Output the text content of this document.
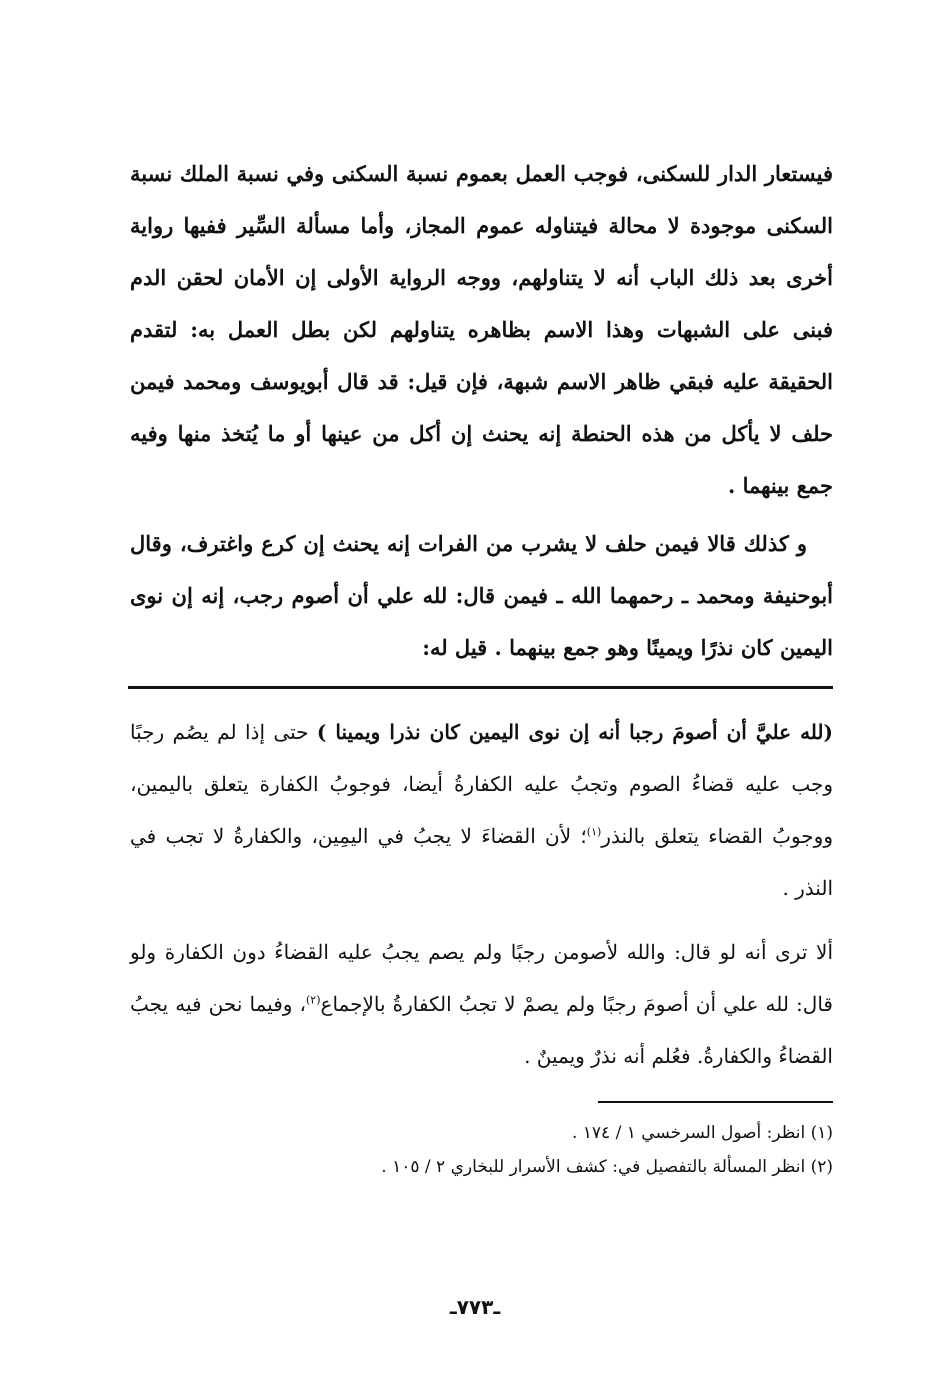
فيستعار الدار للسكنى، فوجب العمل بعموم نسبة السكنى وفي نسبة الملك نسبة السكنى موجودة لا محالة فيتناوله عموم المجاز، وأما مسألة السِّير ففيها رواية أخرى بعد ذلك الباب أنه لا يتناولهم، ووجه الرواية الأولى إن الأمان لحقن الدم فبنى على الشبهات وهذا الاسم بظاهره يتناولهم لكن بطل العمل به: لتقدم الحقيقة عليه فبقي ظاهر الاسم شبهة، فإن قيل: قد قال أبويوسف ومحمد فيمن حلف لا يأكل من هذه الحنطة إنه يحنث إن أكل من عينها أو ما يُتخذ منها وفيه جمع بينهما .

و كذلك قالا فيمن حلف لا يشرب من الفرات إنه يحنث إن كرع واغترف، وقال أبوحنيفة ومحمد ـ رحمهما الله ـ فيمن قال: لله علي أن أصوم رجب، إنه إن نوى اليمين كان نذرًا ويمينًا وهو جمع بينهما . قيل له:

(لله عليَّ أن أصومَ رجبا أنه إن نوى اليمين كان نذرا ويمينا ) حتى إذا لم يصُم رجبًا وجب عليه قضاءُ الصوم وتجبُ عليه الكفارةُ أيضا، فوجوبُ الكفارة يتعلق باليمين، ووجوبُ القضاء يتعلق بالنذر$^{(١)}$؛ لأن القضاءَ لا يجبُ في اليمِين، والكفارةُ لا تجب في النذر .

ألا ترى أنه لو قال: والله لأصومن رجبًا ولم يصم يجبُ عليه القضاءُ دون الكفارة ولو قال: لله علي أن أصومَ رجبًا ولم يصمْ لا تجبُ الكفارةُ بالإجماع$^{(٢)}$، وفيما نحن فيه يجبُ القضاءُ والكفارةُ. فعُلم أنه نذرٌ ويمينٌ .

(١) انظر: أصول السرخسي ١ / ١٧٤ .

(٢) انظر المسألة بالتفصيل في: كشف الأسرار للبخاري ٢ / ١٠٥ .

ـ٧٧٣ـ
